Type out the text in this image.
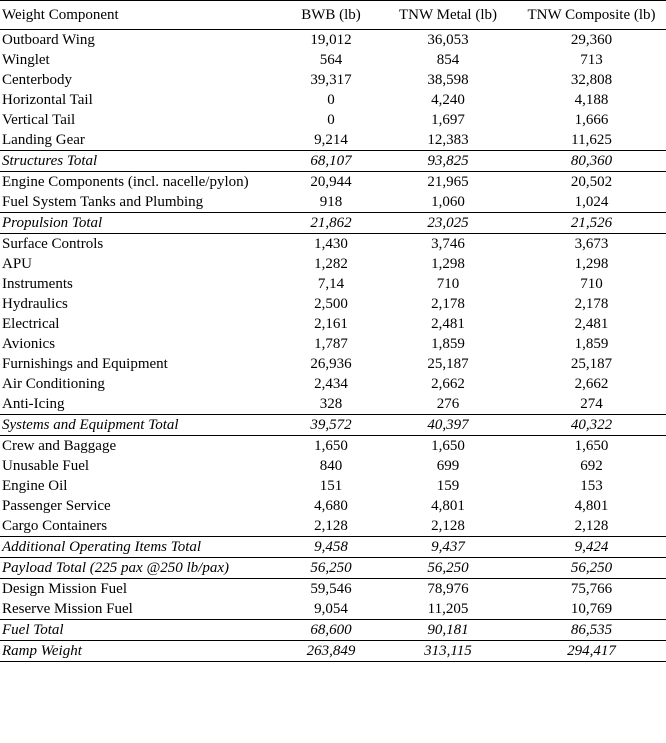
Weight Component	BWB (lb)	TNW Metal (lb)	TNW Composite (lb)
Outboard Wing	19,012	36,053	29,360
Winglet	564	854	713
Centerbody	39,317	38,598	32,808
Horizontal Tail	0	4,240	4,188
Vertical Tail	0	1,697	1,666
Landing Gear	9,214	12,383	11,625
Structures Total	68,107	93,825	80,360
Engine Components (incl. nacelle/pylon)	20,944	21,965	20,502
Fuel System Tanks and Plumbing	918	1,060	1,024
Propulsion Total	21,862	23,025	21,526
Surface Controls	1,430	3,746	3,673
APU	1,282	1,298	1,298
Instruments	7,14	710	710
Hydraulics	2,500	2,178	2,178
Electrical	2,161	2,481	2,481
Avionics	1,787	1,859	1,859
Furnishings and Equipment	26,936	25,187	25,187
Air Conditioning	2,434	2,662	2,662
Anti-Icing	328	276	274
Systems and Equipment Total	39,572	40,397	40,322
Crew and Baggage	1,650	1,650	1,650
Unusable Fuel	840	699	692
Engine Oil	151	159	153
Passenger Service	4,680	4,801	4,801
Cargo Containers	2,128	2,128	2,128
Additional Operating Items Total	9,458	9,437	9,424
Payload Total (225 pax @250 lb/pax)	56,250	56,250	56,250
Design Mission Fuel	59,546	78,976	75,766
Reserve Mission Fuel	9,054	11,205	10,769
Fuel Total	68,600	90,181	86,535
Ramp Weight	263,849	313,115	294,417
